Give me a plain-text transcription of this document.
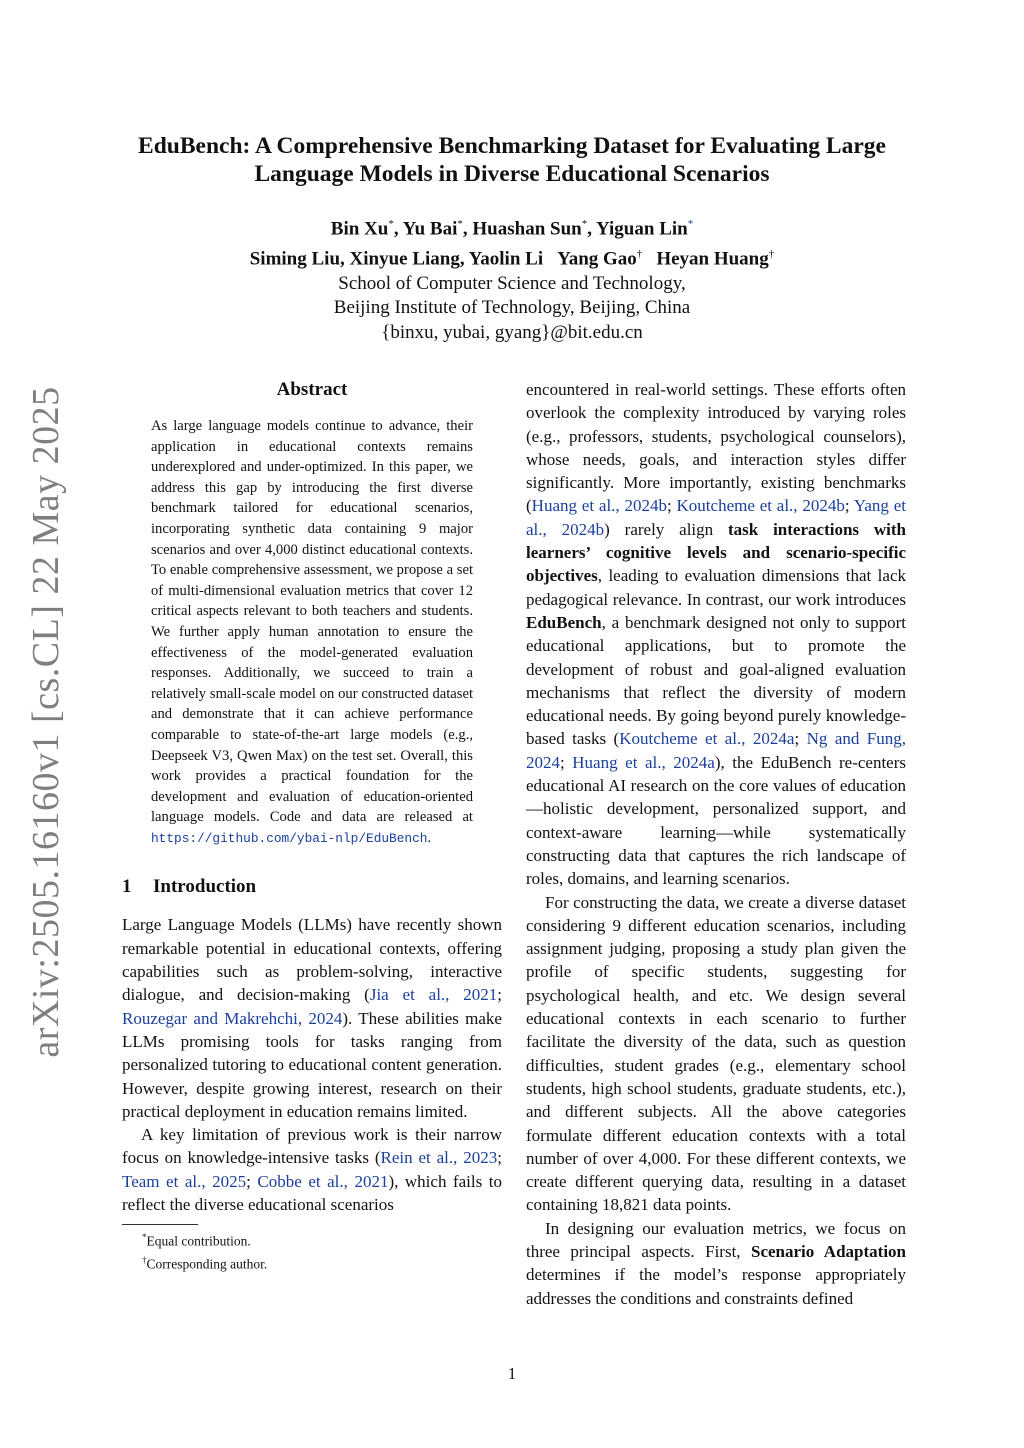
arXiv:2505.16160v1 [cs.CL] 22 May 2025
EduBench: A Comprehensive Benchmarking Dataset for Evaluating Large
Language Models in Diverse Educational Scenarios
Bin Xu*, Yu Bai*, Huashan Sun*, Yiguan Lin*
Siming Liu, Xinyue Liang, Yaolin Li Yang Gao† Heyan Huang†
School of Computer Science and Technology,
Beijing Institute of Technology, Beijing, China
{binxu, yubai, gyang}@bit.edu.cn
Abstract

As large language models continue to advance, their application in educational contexts remains underexplored and under-optimized. In this paper, we address this gap by introducing the first diverse benchmark tailored for educational scenarios, incorporating synthetic data containing 9 major scenarios and over 4,000 distinct educational contexts. To enable comprehensive assessment, we propose a set of multi-dimensional evaluation metrics that cover 12 critical aspects relevant to both teachers and students. We further apply human annotation to ensure the effectiveness of the model-generated evaluation responses. Additionally, we succeed to train a relatively small-scale model on our constructed dataset and demonstrate that it can achieve performance comparable to state-of-the-art large models (e.g., Deepseek V3, Qwen Max) on the test set. Overall, this work provides a practical foundation for the development and evaluation of education-oriented language models. Code and data are released at https://github.com/ybai-nlp/EduBench.

1 Introduction

Large Language Models (LLMs) have recently shown remarkable potential in educational contexts, offering capabilities such as problem-solving, interactive dialogue, and decision-making (Jia et al., 2021; Rouzegar and Makrehchi, 2024). These abilities make LLMs promising tools for tasks ranging from personalized tutoring to educational content generation. However, despite growing interest, research on their practical deployment in education remains limited.

A key limitation of previous work is their narrow focus on knowledge-intensive tasks (Rein et al., 2023; Team et al., 2025; Cobbe et al., 2021), which fails to reflect the diverse educational scenarios

*Equal contribution.

†Corresponding author.

encountered in real-world settings. These efforts often overlook the complexity introduced by varying roles (e.g., professors, students, psychological counselors), whose needs, goals, and interaction styles differ significantly. More importantly, existing benchmarks (Huang et al., 2024b; Koutcheme et al., 2024b; Yang et al., 2024b) rarely align task interactions with learners’ cognitive levels and scenario-specific objectives, leading to evaluation dimensions that lack pedagogical relevance. In contrast, our work introduces EduBench, a benchmark designed not only to support educational applications, but to promote the development of robust and goal-aligned evaluation mechanisms that reflect the diversity of modern educational needs. By going beyond purely knowledge-based tasks (Koutcheme et al., 2024a; Ng and Fung, 2024; Huang et al., 2024a), the EduBench re-centers educational AI research on the core values of education—holistic development, personalized support, and context-aware learning—while systematically constructing data that captures the rich landscape of roles, domains, and learning scenarios.

For constructing the data, we create a diverse dataset considering 9 different education scenarios, including assignment judging, proposing a study plan given the profile of specific students, suggesting for psychological health, and etc. We design several educational contexts in each scenario to further facilitate the diversity of the data, such as question difficulties, student grades (e.g., elementary school students, high school students, graduate students, etc.), and different subjects. All the above categories formulate different education contexts with a total number of over 4,000. For these different contexts, we create different querying data, resulting in a dataset containing 18,821 data points.

In designing our evaluation metrics, we focus on three principal aspects. First, Scenario Adaptation determines if the model’s response appropriately addresses the conditions and constraints defined

1
